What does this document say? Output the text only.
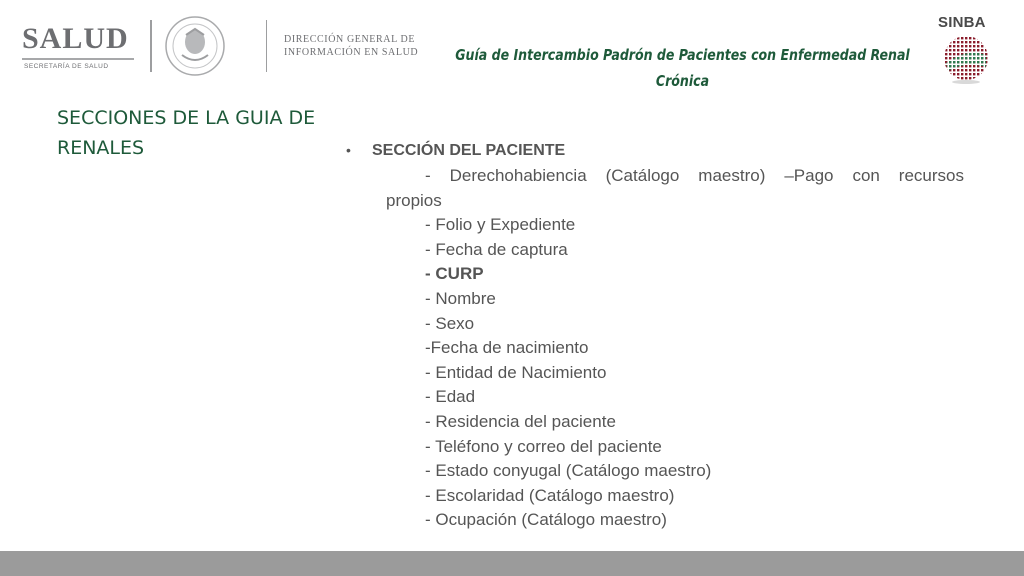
SALUD
SECRETARÍA DE SALUD
DIRECCIÓN GENERAL DE
INFORMACIÓN EN SALUD	Guía de Intercambio Padrón de Pacientes con Enfermedad Renal Crónica
SINBA
SECCIONES DE LA GUIA DE RENALES	• SECCIÓN DEL PACIENTE
- Derechohabiencia (Catálogo maestro) –Pago con recursos
propios

- Folio y Expediente

- Fecha de captura

- CURP

- Nombre

- Sexo

-Fecha de nacimiento

- Entidad de Nacimiento

- Edad

- Residencia del paciente

- Teléfono y correo del paciente

- Estado conyugal (Catálogo maestro)

- Escolaridad (Catálogo maestro)

- Ocupación (Catálogo maestro)
